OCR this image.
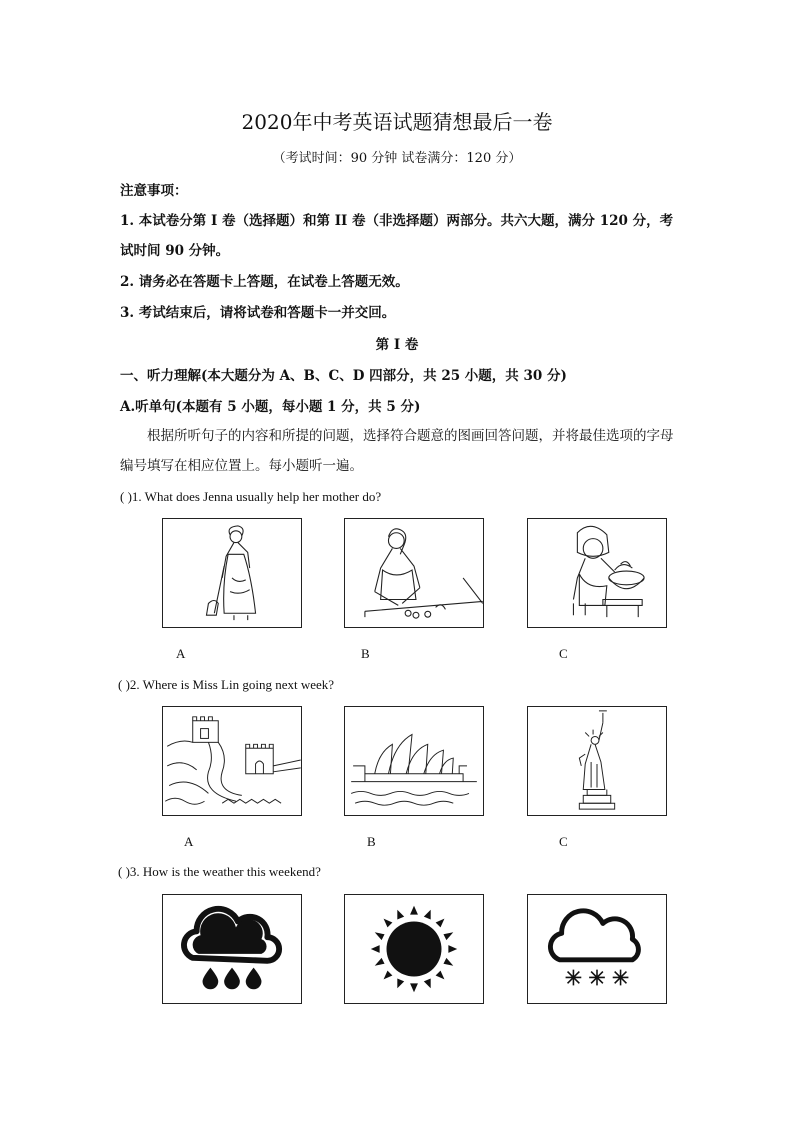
2020年中考英语试题猜想最后一卷
（考试时间：90 分钟 试卷满分：120 分）
注意事项：
1. 本试卷分第 I 卷（选择题）和第 II 卷（非选择题）两部分。共六大题，满分 120 分，考
试时间 90 分钟。
2. 请务必在答题卡上答题，在试卷上答题无效。
3. 考试结束后，请将试卷和答题卡一并交回。
第 I 卷
一、听力理解(本大题分为 A、B、C、D 四部分，共 25 小题，共 30 分)
A.听单句(本题有 5 小题，每小题 1 分，共 5 分)
根据所听句子的内容和所提的问题，选择符合题意的图画回答问题，并将最佳选项的字母编号填写在相应位置上。每小题听一遍。
( )1. What does Jenna usually help her mother do?
A	B	C
( )2. Where is Miss Lin going next week?
A	B	C
( )3. How is the weather this weekend?
